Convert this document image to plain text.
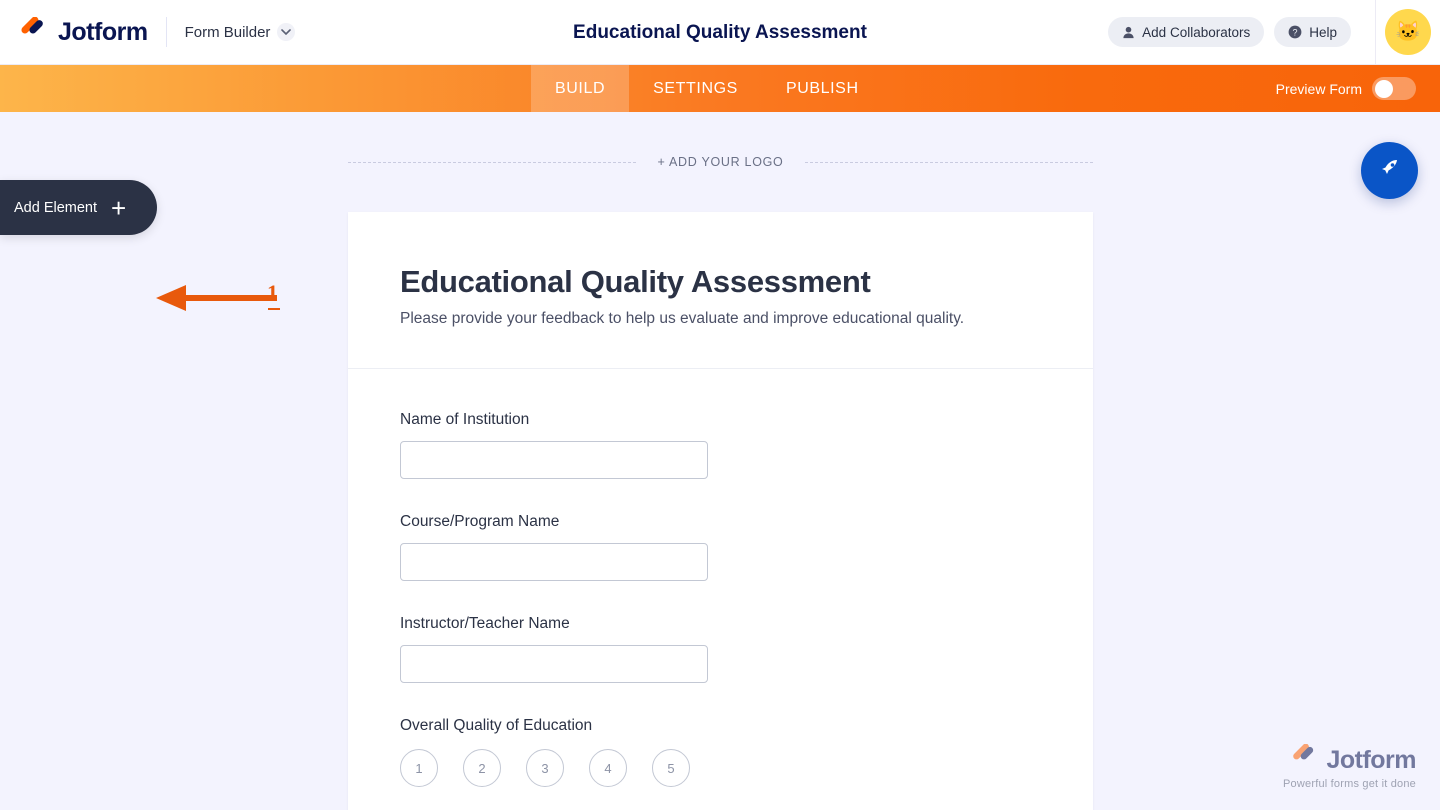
Jotform Form Builder	Educational Quality Assessment	Add Collaborators	? Help	🐱
BUILD	SETTINGS	PUBLISH	Preview Form
Add Element +
1
+ ADD YOUR LOGO
Educational Quality Assessment
Please provide your feedback to help us evaluate and improve educational quality.
Name of Institution
Course/Program Name
Instructor/Teacher Name
Overall Quality of Education
1	2	3	4	5	Jotform
Powerful forms get it done
